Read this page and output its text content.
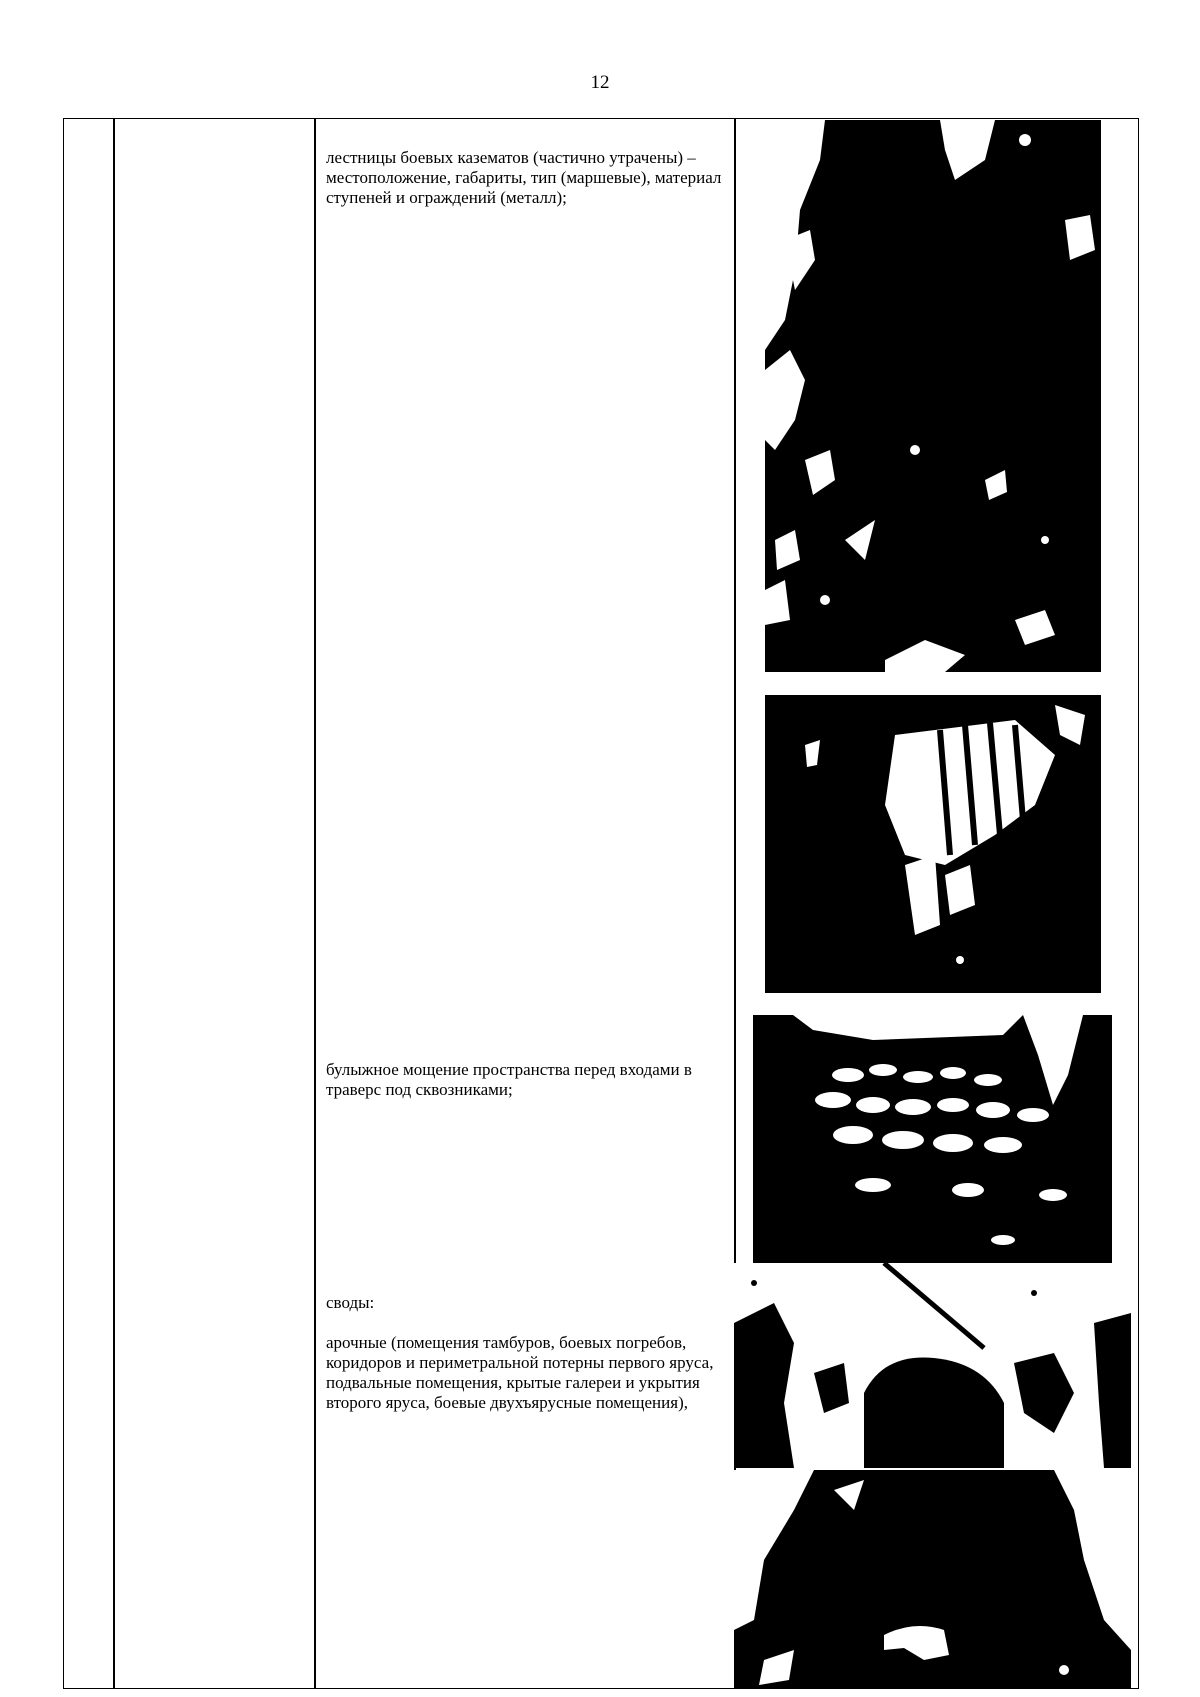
12
лестницы боевых казематов (частично утрачены) – местоположение, габариты, тип (маршевые), материал ступеней и ограждений (металл);
булыжное мощение пространства перед входами в траверс под сквозниками;

своды:

арочные (помещения тамбуров, боевых погребов, коридоров и периметральной потерны первого яруса, подвальные помещения, крытые галереи и укрытия второго яруса, боевые двухъярусные помещения),
